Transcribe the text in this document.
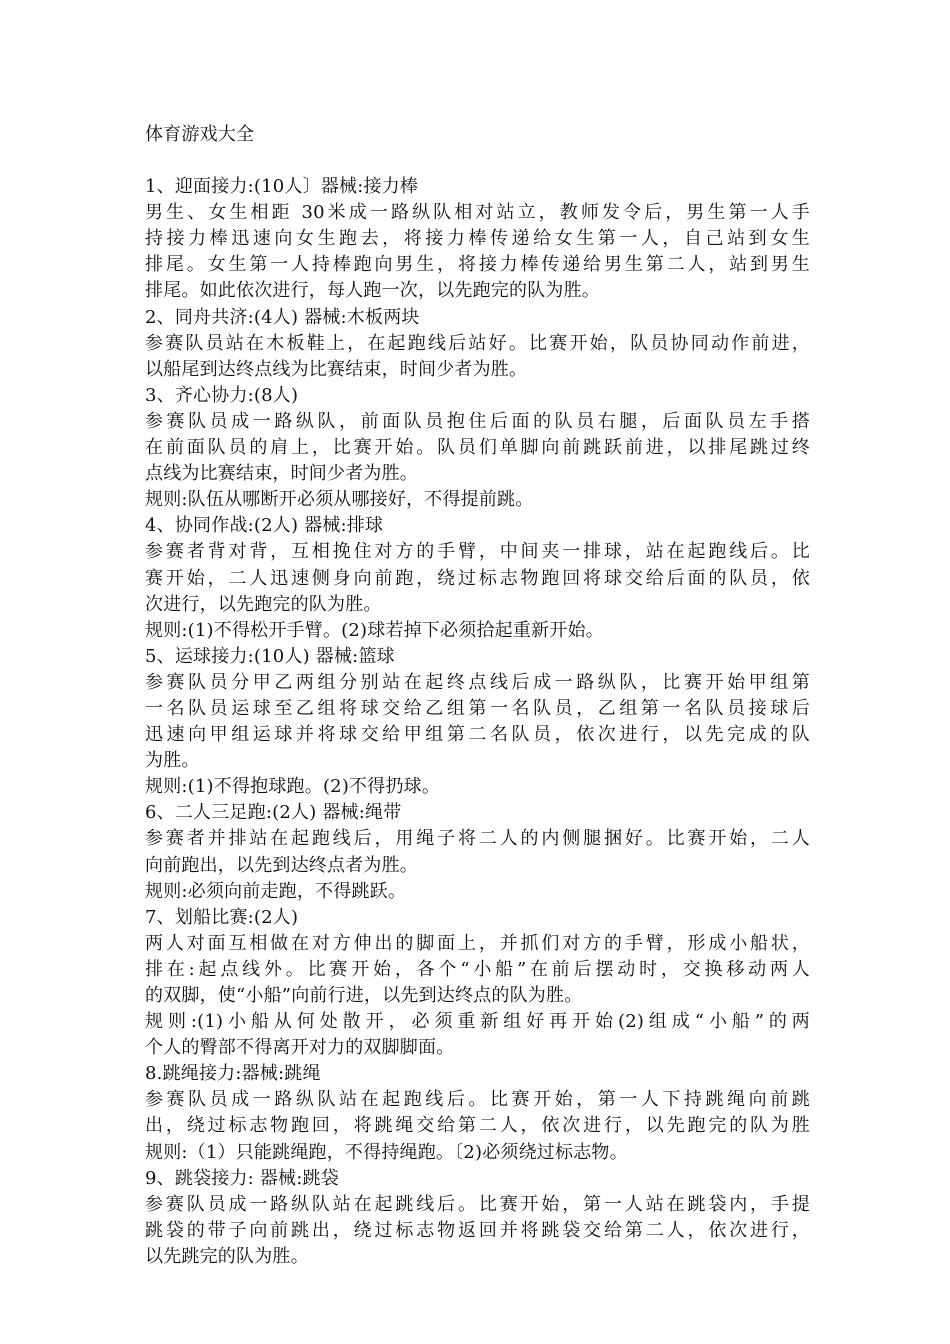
体育游戏大全
1、迎面接力:(10人〕器械:接力棒
男生、女生相距 30米成一路纵队相对站立，教师发令后，男生第一人手
持接力棒迅速向女生跑去，将接力棒传递给女生第一人，自己站到女生
排尾。女生第一人持棒跑向男生，将接力棒传递给男生第二人，站到男生
排尾。如此依次进行，每人跑一次，以先跑完的队为胜。
2、同舟共济:(4人) 器械:木板两块
参赛队员站在木板鞋上，在起跑线后站好。比赛开始，队员协同动作前进，
以船尾到达终点线为比赛结束，时间少者为胜。
3、齐心协力:(8人)
参赛队员成一路纵队，前面队员抱住后面的队员右腿，后面队员左手搭
在前面队员的肩上，比赛开始。队员们单脚向前跳跃前进，以排尾跳过终
点线为比赛结束，时间少者为胜。
规则:队伍从哪断开必须从哪接好，不得提前跳。
4、协同作战:(2人) 器械:排球
参赛者背对背，互相挽住对方的手臂，中间夹一排球，站在起跑线后。比
赛开始，二人迅速侧身向前跑，绕过标志物跑回将球交给后面的队员，依
次进行，以先跑完的队为胜。
规则:(1)不得松开手臂。(2)球若掉下必须拾起重新开始。
5、运球接力:(10人) 器械:篮球
参赛队员分甲乙两组分别站在起终点线后成一路纵队，比赛开始甲组第
一名队员运球至乙组将球交给乙组第一名队员，乙组第一名队员接球后
迅速向甲组运球并将球交给甲组第二名队员，依次进行，以先完成的队
为胜。
规则:(1)不得抱球跑。(2)不得扔球。
6、二人三足跑:(2人) 器械:绳带
参赛者并排站在起跑线后，用绳子将二人的内侧腿捆好。比赛开始，二人
向前跑出，以先到达终点者为胜。
规则:必须向前走跑，不得跳跃。
7、划船比赛:(2人)
两人对面互相做在对方伸出的脚面上，并抓们对方的手臂，形成小船状，
排在:起点线外。比赛开始，各个“小船”在前后摆动时，交换移动两人
的双脚，使“小船”向前行进，以先到达终点的队为胜。
规则:(1)小船从何处散开，必须重新组好再开始(2)组成“小船”的两
个人的臀部不得离开对力的双脚脚面。
8.跳绳接力:器械:跳绳
参赛队员成一路纵队站在起跑线后。比赛开始，第一人下持跳绳向前跳
出，绕过标志物跑回，将跳绳交给第二人，依次进行，以先跑完的队为胜
规则:（1）只能跳绳跑，不得持绳跑。〔2)必须绕过标志物。
9、跳袋接力: 器械:跳袋
参赛队员成一路纵队站在起跳线后。比赛开始，第一人站在跳袋内，手提
跳袋的带子向前跳出，绕过标志物返回并将跳袋交给第二人，依次进行，
以先跳完的队为胜。
